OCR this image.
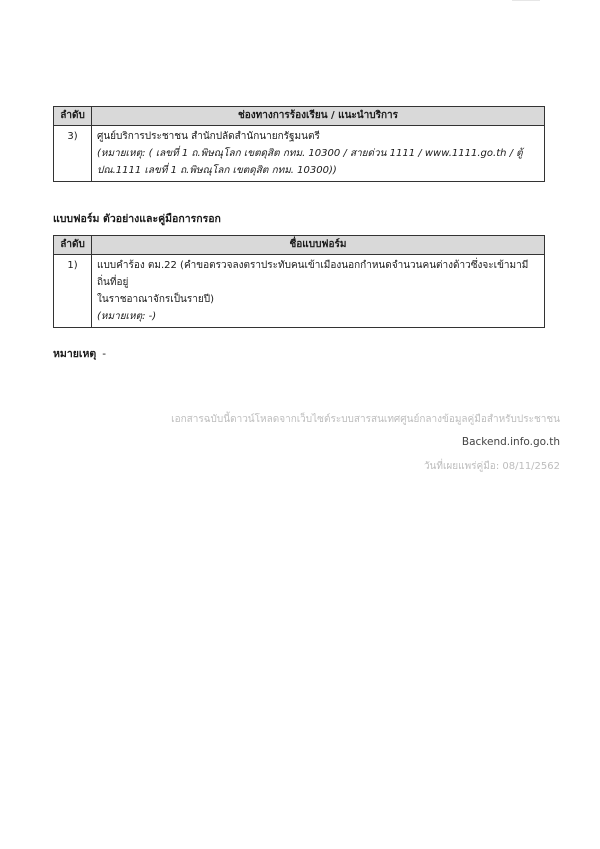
ลำดับ	ช่องทางการร้องเรียน / แนะนำบริการ
3)	ศูนย์บริการประชาชน สำนักปลัดสำนักนายกรัฐมนตรี
(หมายเหตุ: ( เลขที่ 1 ถ.พิษณุโลก เขตดุสิต กทม. 10300 / สายด่วน 1111 / www.1111.go.th / ตู้
ปณ.1111 เลขที่ 1 ถ.พิษณุโลก เขตดุสิต กทม. 10300))
แบบฟอร์ม ตัวอย่างและคู่มือการกรอก
ลำดับ	ชื่อแบบฟอร์ม
1)	แบบคำร้อง ตม.22 (คำขอตรวจลงตราประทับคนเข้าเมืองนอกกำหนดจำนวนคนต่างด้าวซึ่งจะเข้ามามีถิ่นที่อยู่
ในราชอาณาจักรเป็นรายปี)
(หมายเหตุ: -)
หมายเหตุ -
เอกสารฉบับนี้ดาวน์โหลดจากเว็บไซต์ระบบสารสนเทศศูนย์กลางข้อมูลคู่มือสำหรับประชาชน
Backend.info.go.th
วันที่เผยแพร่คู่มือ: 08/11/2562
